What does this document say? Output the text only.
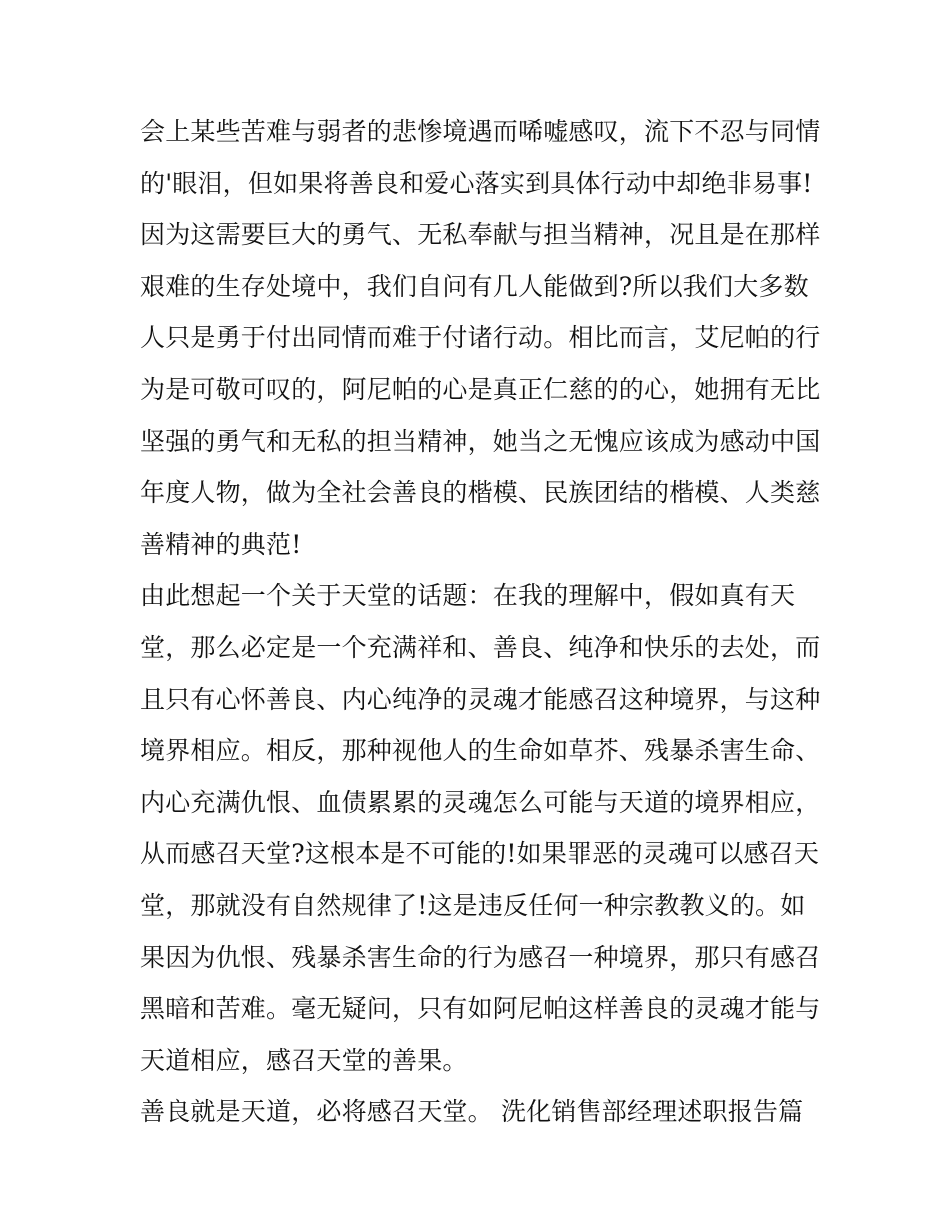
会上某些苦难与弱者的悲惨境遇而唏嘘感叹，流下不忍与同情
的'眼泪，但如果将善良和爱心落实到具体行动中却绝非易事!
因为这需要巨大的勇气、无私奉献与担当精神，况且是在那样
艰难的生存处境中，我们自问有几人能做到?所以我们大多数
人只是勇于付出同情而难于付诸行动。相比而言，艾尼帕的行
为是可敬可叹的，阿尼帕的心是真正仁慈的的心，她拥有无比
坚强的勇气和无私的担当精神，她当之无愧应该成为感动中国
年度人物，做为全社会善良的楷模、民族团结的楷模、人类慈
善精神的典范!
由此想起一个关于天堂的话题：在我的理解中，假如真有天
堂，那么必定是一个充满祥和、善良、纯净和快乐的去处，而
且只有心怀善良、内心纯净的灵魂才能感召这种境界，与这种
境界相应。相反，那种视他人的生命如草芥、残暴杀害生命、
内心充满仇恨、血债累累的灵魂怎么可能与天道的境界相应，
从而感召天堂?这根本是不可能的!如果罪恶的灵魂可以感召天
堂，那就没有自然规律了!这是违反任何一种宗教教义的。如
果因为仇恨、残暴杀害生命的行为感召一种境界，那只有感召
黑暗和苦难。毫无疑问，只有如阿尼帕这样善良的灵魂才能与
天道相应，感召天堂的善果。
善良就是天道，必将感召天堂。 洗化销售部经理述职报告篇
